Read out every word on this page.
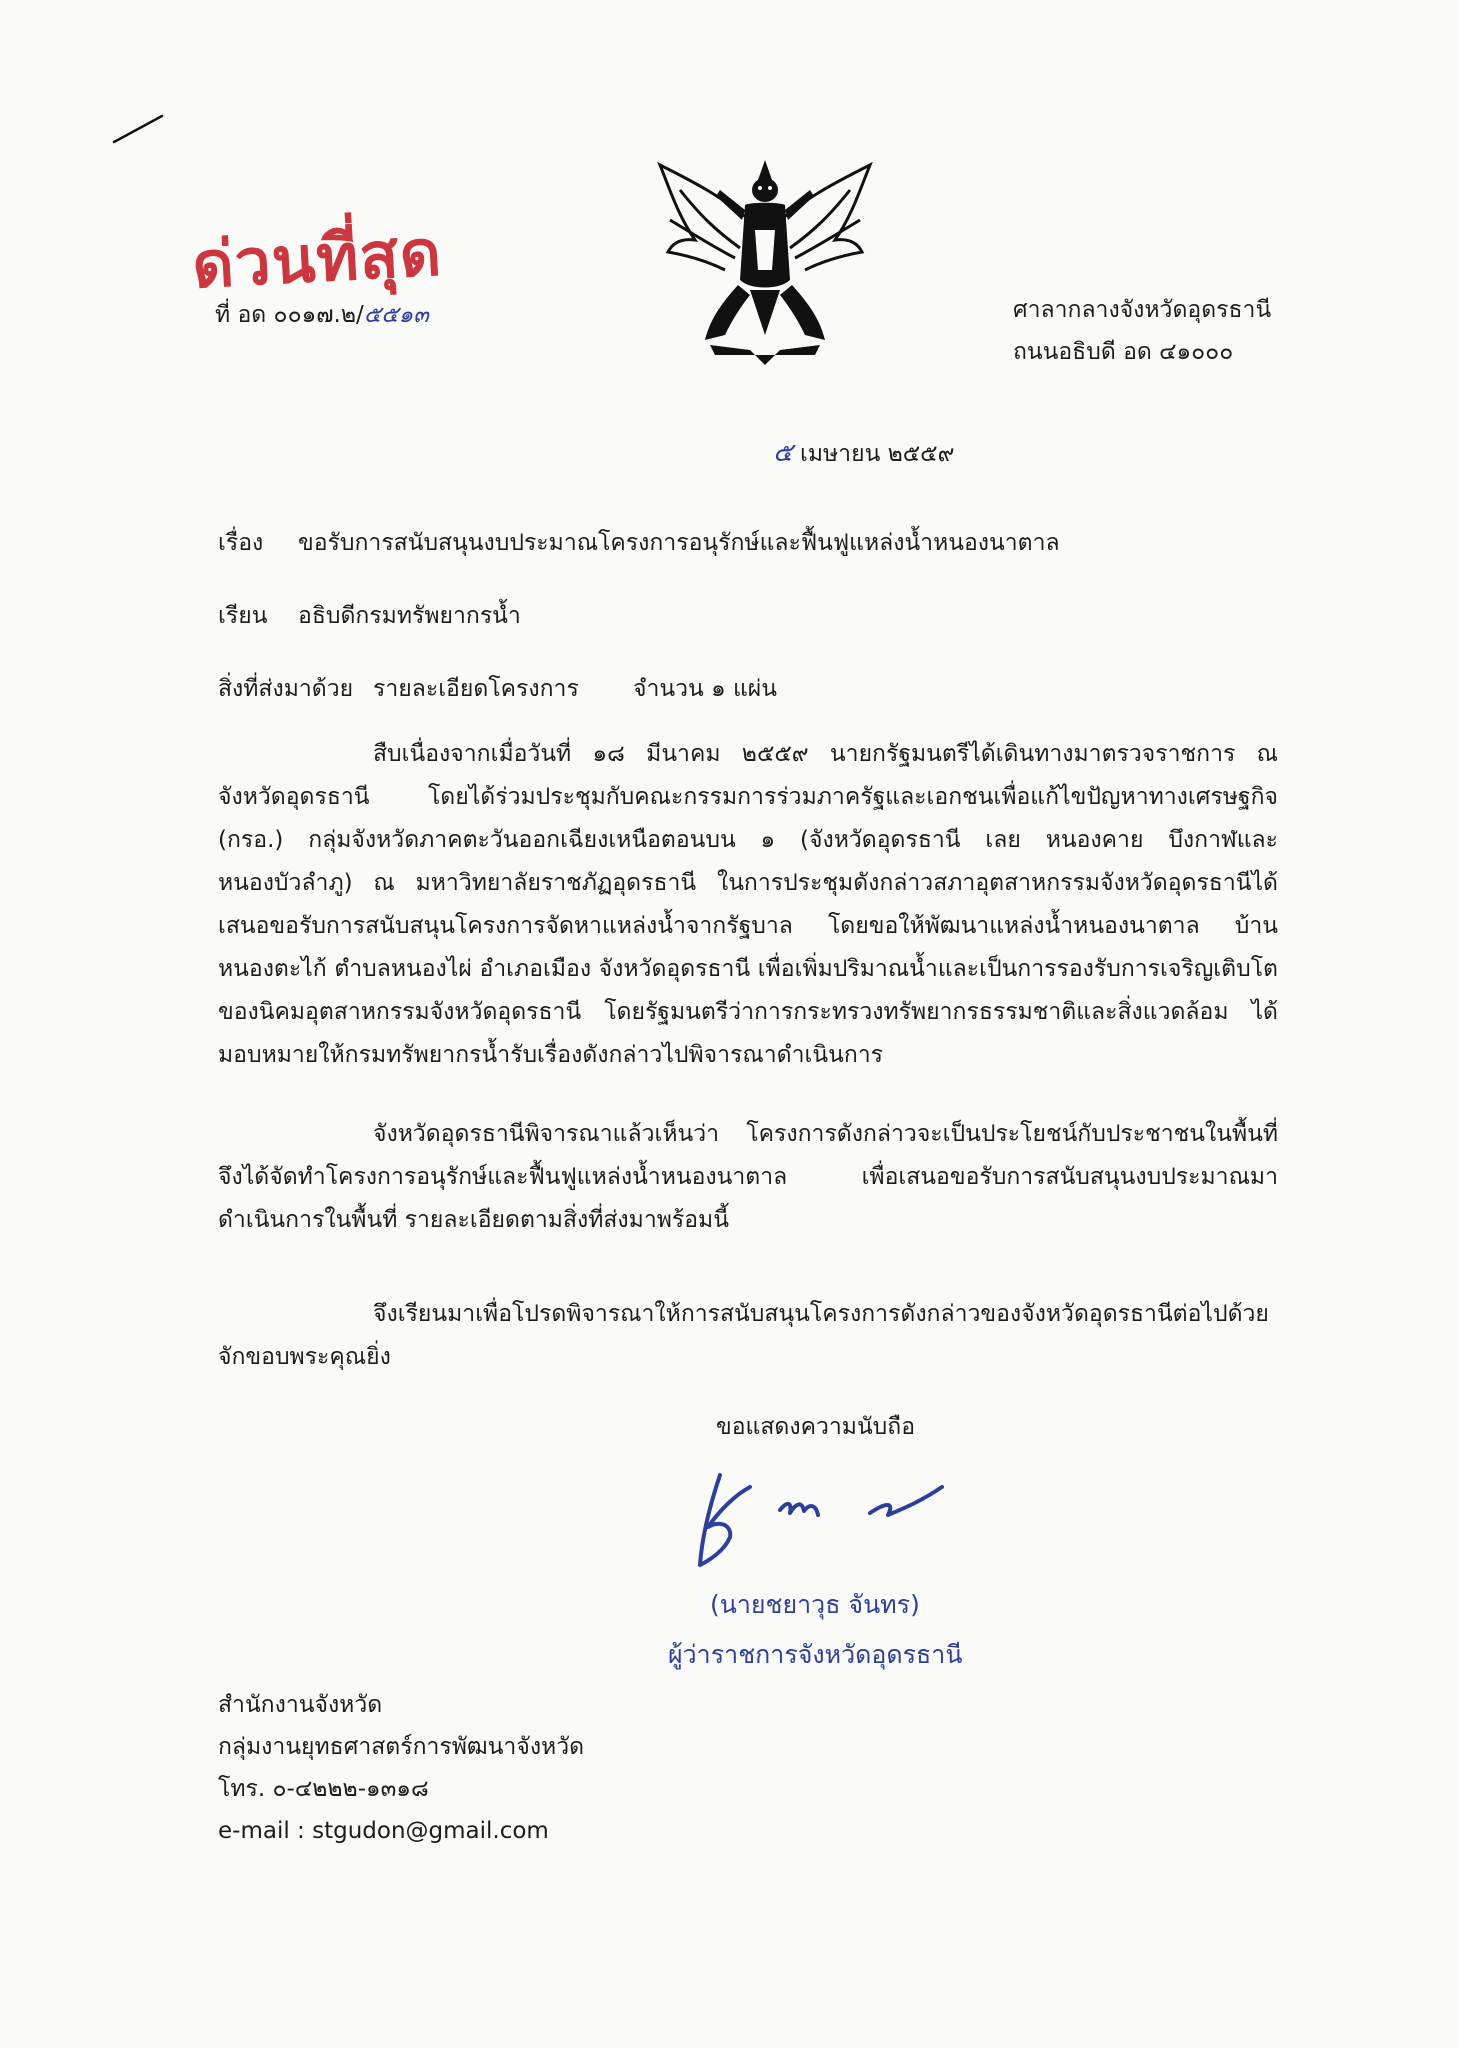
ด่วนที่สุด
ที่ อด ๐๐๑๗.๒/๕๕๑๓	ศาลากลางจังหวัดอุดรธานี
ถนนอธิบดี อด ๔๑๐๐๐
๕ เมษายน ๒๕๕๙
เรื่อง ขอรับการสนับสนุนงบประมาณโครงการอนุรักษ์และฟื้นฟูแหล่งน้ำหนองนาตาล
เรียน อธิบดีกรมทรัพยากรน้ำ
สิ่งที่ส่งมาด้วย รายละเอียดโครงการ จำนวน ๑ แผ่น
สืบเนื่องจากเมื่อวันที่ ๑๘ มีนาคม ๒๕๕๙ นายกรัฐมนตรีได้เดินทางมาตรวจราชการ ณ จังหวัดอุดรธานี โดยได้ร่วมประชุมกับคณะกรรมการร่วมภาครัฐและเอกชนเพื่อแก้ไขปัญหาทางเศรษฐกิจ (กรอ.) กลุ่มจังหวัดภาคตะวันออกเฉียงเหนือตอนบน ๑ (จังหวัดอุดรธานี เลย หนองคาย บึงกาฬและหนองบัวลำภู) ณ มหาวิทยาลัยราชภัฏอุดรธานี ในการประชุมดังกล่าวสภาอุตสาหกรรมจังหวัดอุดรธานีได้เสนอขอรับการสนับสนุนโครงการจัดหาแหล่งน้ำจากรัฐบาล โดยขอให้พัฒนาแหล่งน้ำหนองนาตาล บ้านหนองตะไก้ ตำบลหนองไผ่ อำเภอเมือง จังหวัดอุดรธานี เพื่อเพิ่มปริมาณน้ำและเป็นการรองรับการเจริญเติบโตของนิคมอุตสาหกรรมจังหวัดอุดรธานี โดยรัฐมนตรีว่าการกระทรวงทรัพยากรธรรมชาติและสิ่งแวดล้อม ได้มอบหมายให้กรมทรัพยากรน้ำรับเรื่องดังกล่าวไปพิจารณาดำเนินการ
จังหวัดอุดรธานีพิจารณาแล้วเห็นว่า โครงการดังกล่าวจะเป็นประโยชน์กับประชาชนในพื้นที่ จึงได้จัดทำโครงการอนุรักษ์และฟื้นฟูแหล่งน้ำหนองนาตาล เพื่อเสนอขอรับการสนับสนุนงบประมาณมาดำเนินการในพื้นที่ รายละเอียดตามสิ่งที่ส่งมาพร้อมนี้
จึงเรียนมาเพื่อโปรดพิจารณาให้การสนับสนุนโครงการดังกล่าวของจังหวัดอุดรธานีต่อไปด้วย จักขอบพระคุณยิ่ง
ขอแสดงความนับถือ
(นายชยาวุธ จันทร)
ผู้ว่าราชการจังหวัดอุดรธานี
สำนักงานจังหวัด
กลุ่มงานยุทธศาสตร์การพัฒนาจังหวัด
โทร. ๐-๔๒๒๒-๑๓๑๘
e-mail : stgudon@gmail.com
